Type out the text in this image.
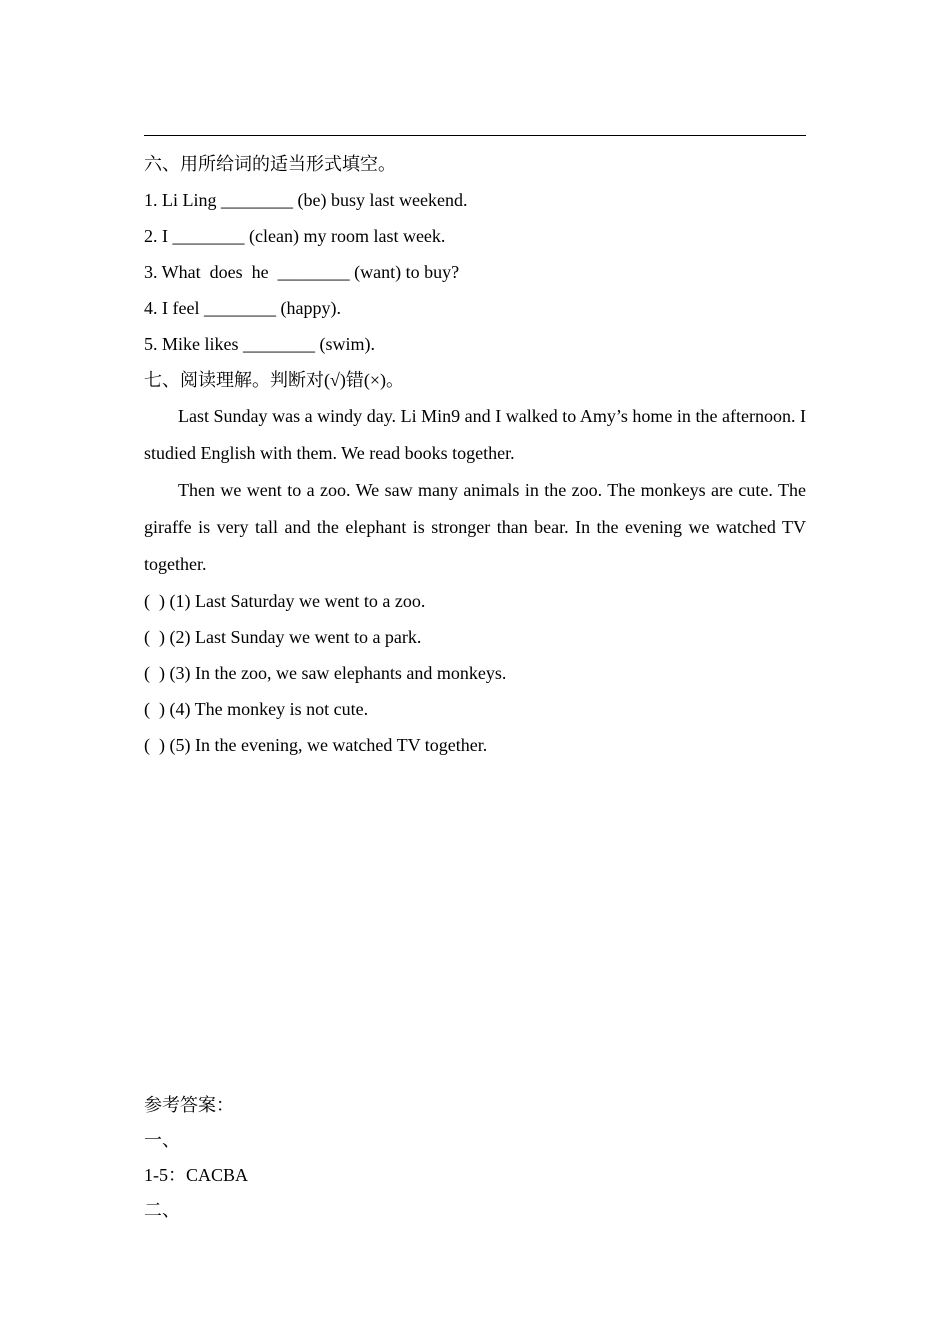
六、用所给词的适当形式填空。
1. Li Ling ________ (be) busy last weekend.
2. I ________ (clean) my room last week.
3. What  does  he  ________ (want) to buy?
4. I feel ________ (happy).
5. Mike likes ________ (swim).
七、阅读理解。判断对(√)错(×)。

Last Sunday was a windy day. Li Min9 and I walked to Amy’s home in the afternoon. I studied English with them. We read books together.

Then we went to a zoo. We saw many animals in the zoo. The monkeys are cute. The giraffe is very tall and the elephant is stronger than bear. In the evening we watched TV together.

(  ) (1) Last Saturday we went to a zoo.
(  ) (2) Last Sunday we went to a park.
(  ) (3) In the zoo, we saw elephants and monkeys.
(  ) (4) The monkey is not cute.
(  ) (5) In the evening, we watched TV together.
参考答案：
一、
1-5：CACBA
二、
